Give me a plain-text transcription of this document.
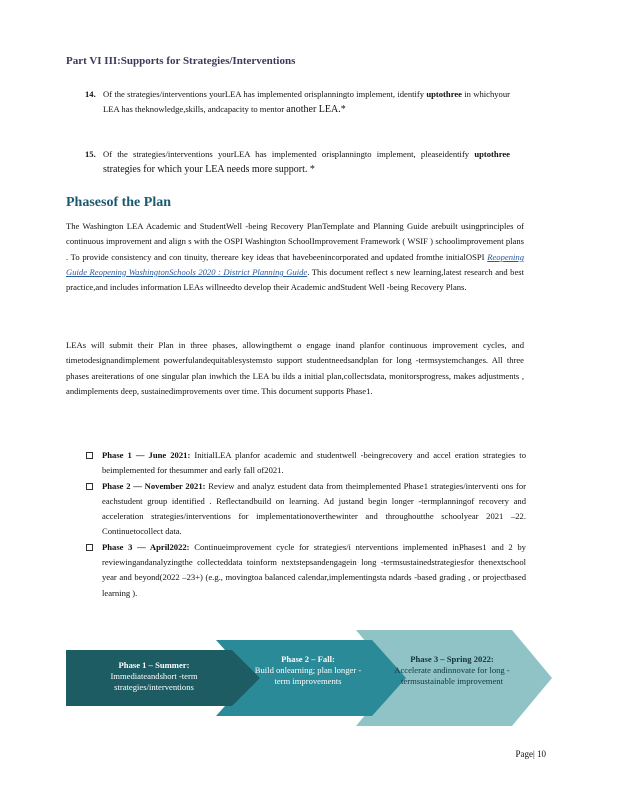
Part VI III:Supports for Strategies/Interventions
14. Of the strategies/interventions yourLEA has implemented orisplanningto implement, identify uptothree in whichyour LEA has theknowledge,skills, andcapacity to mentor another LEA.*
15. Of the strategies/interventions yourLEA has implemented orisplanningto implement, pleaseidentify uptothree strategies for which your LEA needs more support. *
Phasesof the Plan
The Washington LEA Academic and StudentWell -being Recovery PlanTemplate and Planning Guide arebuilt usingprinciples of continuous improvement and align s with the OSPI Washington SchoolImprovement Framework ( WSIF ) schoolimprovement plans . To provide consistency and con tinuity, thereare key ideas that havebeenincorporated and updated fromthe initialOSPI Reopening Guide Reopening WashingtonSchools 2020 : District Planning Guide. This document reflect s new learning,latest research and best practice,and includes information LEAs willneedto develop their Academic andStudent Well -being Recovery Plans.
LEAs will submit their Plan in three phases, allowingthemt o engage inand planfor continuous improvement cycles, and timetodesignandimplement powerfulandequitablesystemsto support studentneedsandplan for long -termsystemchanges. All three phases areiterations of one singular plan inwhich the LEA bu ilds a initial plan,collectsdata, monitorsprogress, makes adjustments , andimplements deep, sustainedimprovements over time. This document supports Phase1.
Phase 1 — June 2021: InitialLEA planfor academic and studentwell -beingrecovery and accel eration strategies to beimplemented for thesummer and early fall of2021.
Phase 2 — November 2021: Review and analyz estudent data from theimplemented Phase1 strategies/interventi ons for eachstudent group identified . Reflectandbuild on learning. Ad justand begin longer -termplanningof recovery and acceleration strategies/interventions for implementationoverthewinter and throughoutthe schoolyear 2021 –22. Continuetocollect data.
Phase 3 — April2022: Continueimprovement cycle for strategies/i nterventions implemented inPhases1 and 2 by reviewingandanalyzingthe collecteddata toinform nextstepsandengagein long -termsustainedstrategiesfor thenextschool year and beyond(2022 –23+) (e.g., movingtoa balanced calendar,implementingsta ndards -based grading , or projectbased learning ).
Phase 1 – Summer:
Immediateandshort -term strategies/interventions
Phase 2 – Fall:
Build onlearning; plan longer -term improvements
Phase 3 – Spring 2022:
Accelerate andinnovate for long -termsustainable improvement
Page| 10
